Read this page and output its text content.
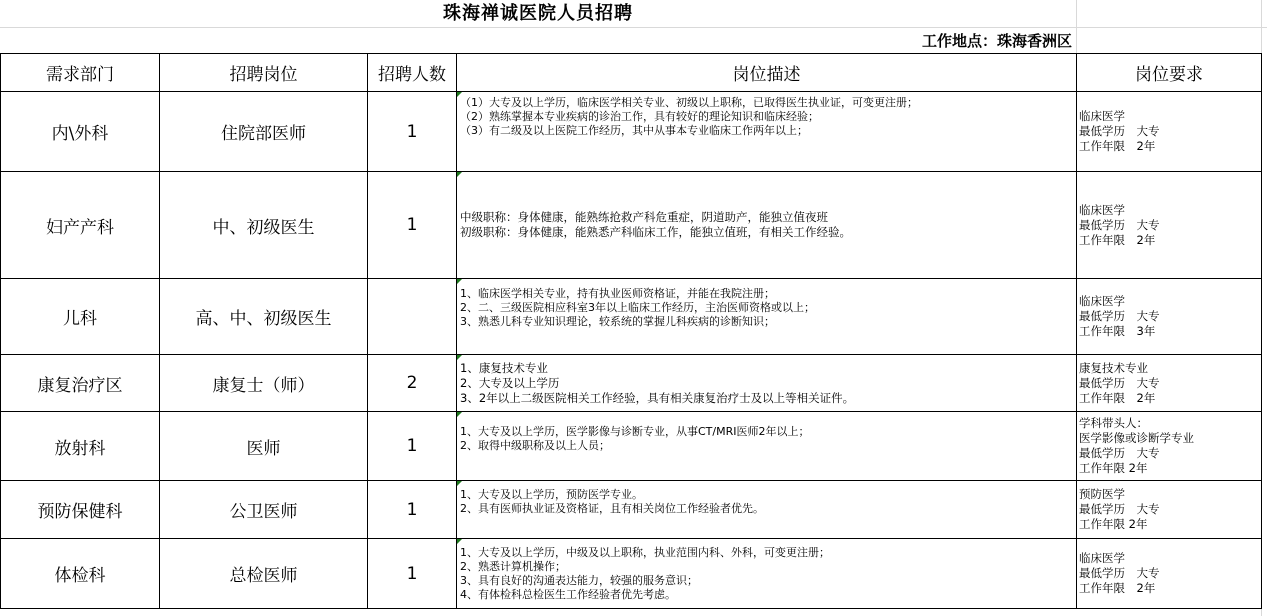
珠海禅诚医院人员招聘
工作地点：珠海香洲区
需求部门	招聘岗位	招聘人数	岗位描述	岗位要求
内\外科	住院部医师	1	（1）大专及以上学历，临床医学相关专业、初级以上职称，已取得医生执业证，可变更注册；
（2）熟练掌握本专业疾病的诊治工作，具有较好的理论知识和临床经验；
（3）有二级及以上医院工作经历，其中从事本专业临床工作两年以上；	临床医学
最低学历　大专
工作年限　2年

妇产产科	中、初级医生	1	中级职称：身体健康，能熟练抢救产科危重症，阴道助产，能独立值夜班
初级职称：身体健康，能熟悉产科临床工作，能独立值班，有相关工作经验。	临床医学
最低学历　大专
工作年限　2年

儿科	高、中、初级医生		1、临床医学相关专业，持有执业医师资格证，并能在我院注册；
2、二、三级医院相应科室3年以上临床工作经历，主治医师资格或以上；
3、熟悉儿科专业知识理论，较系统的掌握儿科疾病的诊断知识；	临床医学
最低学历　大专
工作年限　3年

康复治疗区	康复士（师）	2	1、康复技术专业
2、大专及以上学历
3、2年以上二级医院相关工作经验，具有相关康复治疗士及以上等相关证件。	康复技术专业
最低学历　大专
工作年限　2年

放射科	医师	1	1、大专及以上学历，医学影像与诊断专业，从事CT/MRI医师2年以上；
2、取得中级职称及以上人员；	学科带头人：
医学影像或诊断学专业
最低学历　大专
工作年限 2年

预防保健科	公卫医师	1	1、大专及以上学历，预防医学专业。
2、具有医师执业证及资格证，且有相关岗位工作经验者优先。	预防医学
最低学历　大专
工作年限 2年

体检科	总检医师	1	1、大专及以上学历，中级及以上职称，执业范围内科、外科，可变更注册；
2、熟悉计算机操作；
3、具有良好的沟通表达能力，较强的服务意识；
4、有体检科总检医生工作经验者优先考虑。	临床医学
最低学历　大专
工作年限　2年
